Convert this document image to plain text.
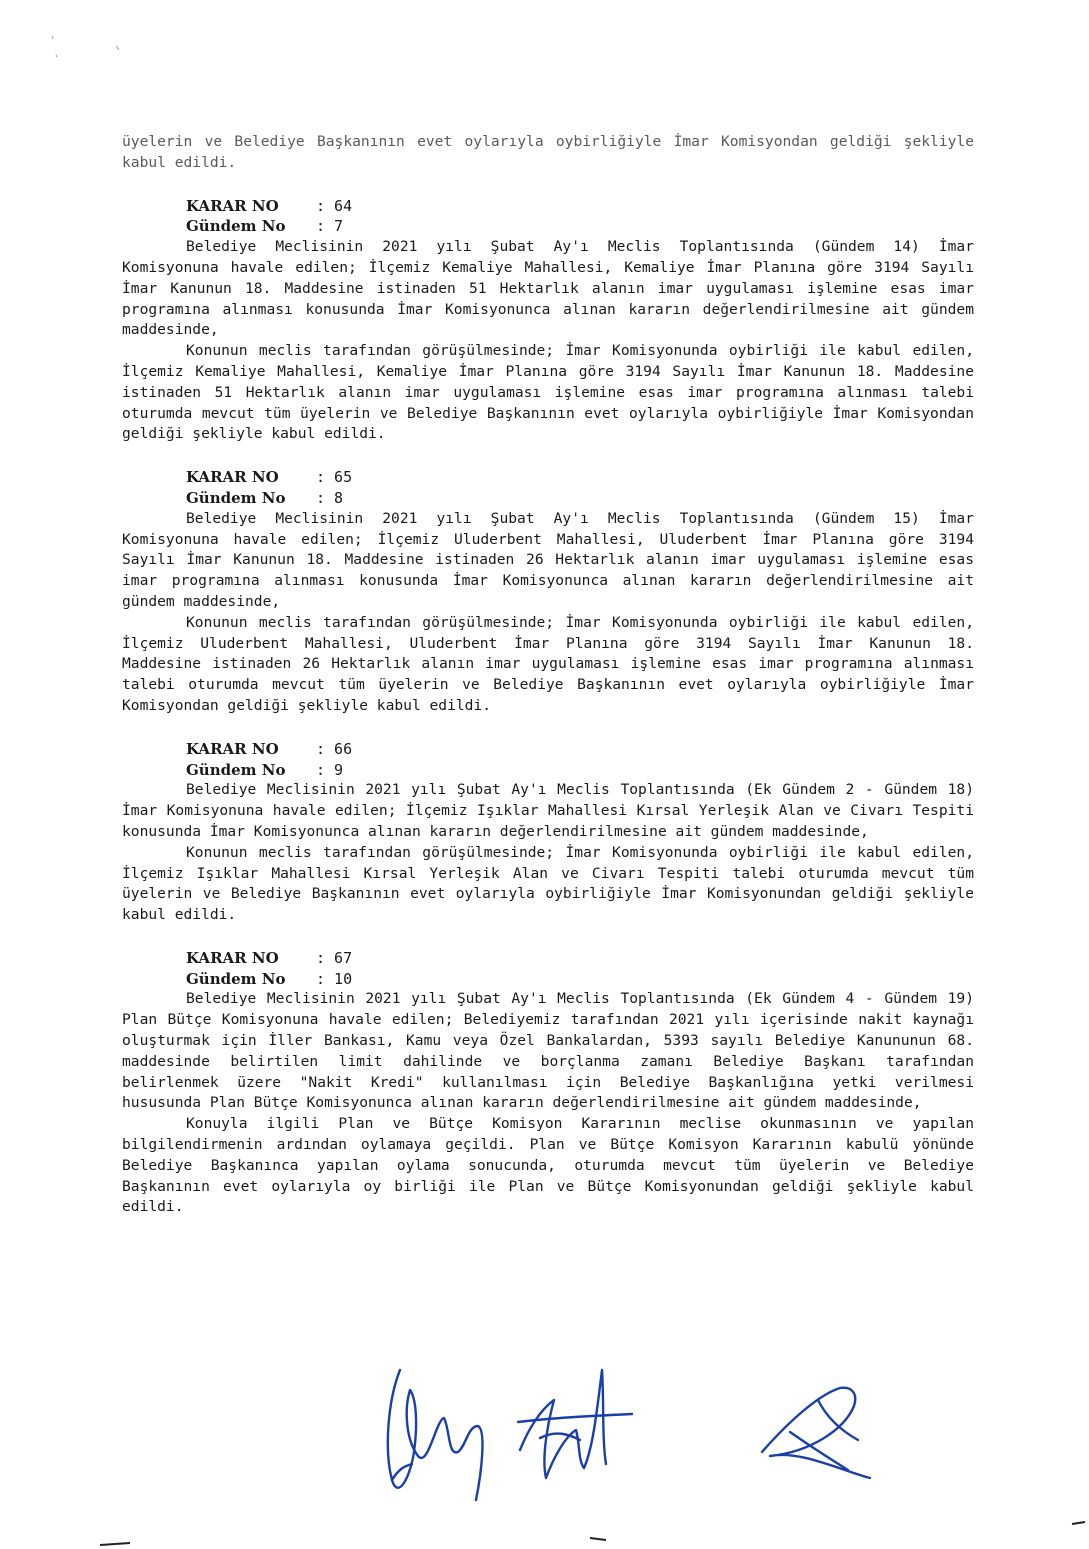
üyelerin ve Belediye Başkanının evet oylarıyla oybirliğiyle İmar Komisyondan geldiği şekliyle kabul edildi.

KARAR NO	: 64
Gündem No	: 7

Belediye Meclisinin 2021 yılı Şubat Ay'ı Meclis Toplantısında (Gündem 14) İmar Komisyonuna havale edilen; İlçemiz Kemaliye Mahallesi, Kemaliye İmar Planına göre 3194 Sayılı İmar Kanunun 18. Maddesine istinaden 51 Hektarlık alanın imar uygulaması işlemine esas imar programına alınması konusunda İmar Komisyonunca alınan kararın değerlendirilmesine ait gündem maddesinde,

Konunun meclis tarafından görüşülmesinde; İmar Komisyonunda oybirliği ile kabul edilen, İlçemiz Kemaliye Mahallesi, Kemaliye İmar Planına göre 3194 Sayılı İmar Kanunun 18. Maddesine istinaden 51 Hektarlık alanın imar uygulaması işlemine esas imar programına alınması talebi oturumda mevcut tüm üyelerin ve Belediye Başkanının evet oylarıyla oybirliğiyle İmar Komisyondan geldiği şekliyle kabul edildi.

KARAR NO	: 65
Gündem No	: 8

Belediye Meclisinin 2021 yılı Şubat Ay'ı Meclis Toplantısında (Gündem 15) İmar Komisyonuna havale edilen; İlçemiz Uluderbent Mahallesi, Uluderbent İmar Planına göre 3194 Sayılı İmar Kanunun 18. Maddesine istinaden 26 Hektarlık alanın imar uygulaması işlemine esas imar programına alınması konusunda İmar Komisyonunca alınan kararın değerlendirilmesine ait gündem maddesinde,

Konunun meclis tarafından görüşülmesinde; İmar Komisyonunda oybirliği ile kabul edilen, İlçemiz Uluderbent Mahallesi, Uluderbent İmar Planına göre 3194 Sayılı İmar Kanunun 18. Maddesine istinaden 26 Hektarlık alanın imar uygulaması işlemine esas imar programına alınması talebi oturumda mevcut tüm üyelerin ve Belediye Başkanının evet oylarıyla oybirliğiyle İmar Komisyondan geldiği şekliyle kabul edildi.

KARAR NO	: 66
Gündem No	: 9

Belediye Meclisinin 2021 yılı Şubat Ay'ı Meclis Toplantısında (Ek Gündem 2 - Gündem 18) İmar Komisyonuna havale edilen; İlçemiz Işıklar Mahallesi Kırsal Yerleşik Alan ve Civarı Tespiti konusunda İmar Komisyonunca alınan kararın değerlendirilmesine ait gündem maddesinde,

Konunun meclis tarafından görüşülmesinde; İmar Komisyonunda oybirliği ile kabul edilen, İlçemiz Işıklar Mahallesi Kırsal Yerleşik Alan ve Civarı Tespiti talebi oturumda mevcut tüm üyelerin ve Belediye Başkanının evet oylarıyla oybirliğiyle İmar Komisyonundan geldiği şekliyle kabul edildi.

KARAR NO	: 67
Gündem No	: 10

Belediye Meclisinin 2021 yılı Şubat Ay'ı Meclis Toplantısında (Ek Gündem 4 - Gündem 19) Plan Bütçe Komisyonuna havale edilen; Belediyemiz tarafından 2021 yılı içerisinde nakit kaynağı oluşturmak için İller Bankası, Kamu veya Özel Bankalardan, 5393 sayılı Belediye Kanununun 68. maddesinde belirtilen limit dahilinde ve borçlanma zamanı Belediye Başkanı tarafından belirlenmek üzere "Nakit Kredi" kullanılması için Belediye Başkanlığına yetki verilmesi hususunda Plan Bütçe Komisyonunca alınan kararın değerlendirilmesine ait gündem maddesinde,

Konuyla ilgili Plan ve Bütçe Komisyon Kararının meclise okunmasının ve yapılan bilgilendirmenin ardından oylamaya geçildi. Plan ve Bütçe Komisyon Kararının kabulü yönünde Belediye Başkanınca yapılan oylama sonucunda, oturumda mevcut tüm üyelerin ve Belediye Başkanının evet oylarıyla oy birliği ile Plan ve Bütçe Komisyonundan geldiği şekliyle kabul edildi.
